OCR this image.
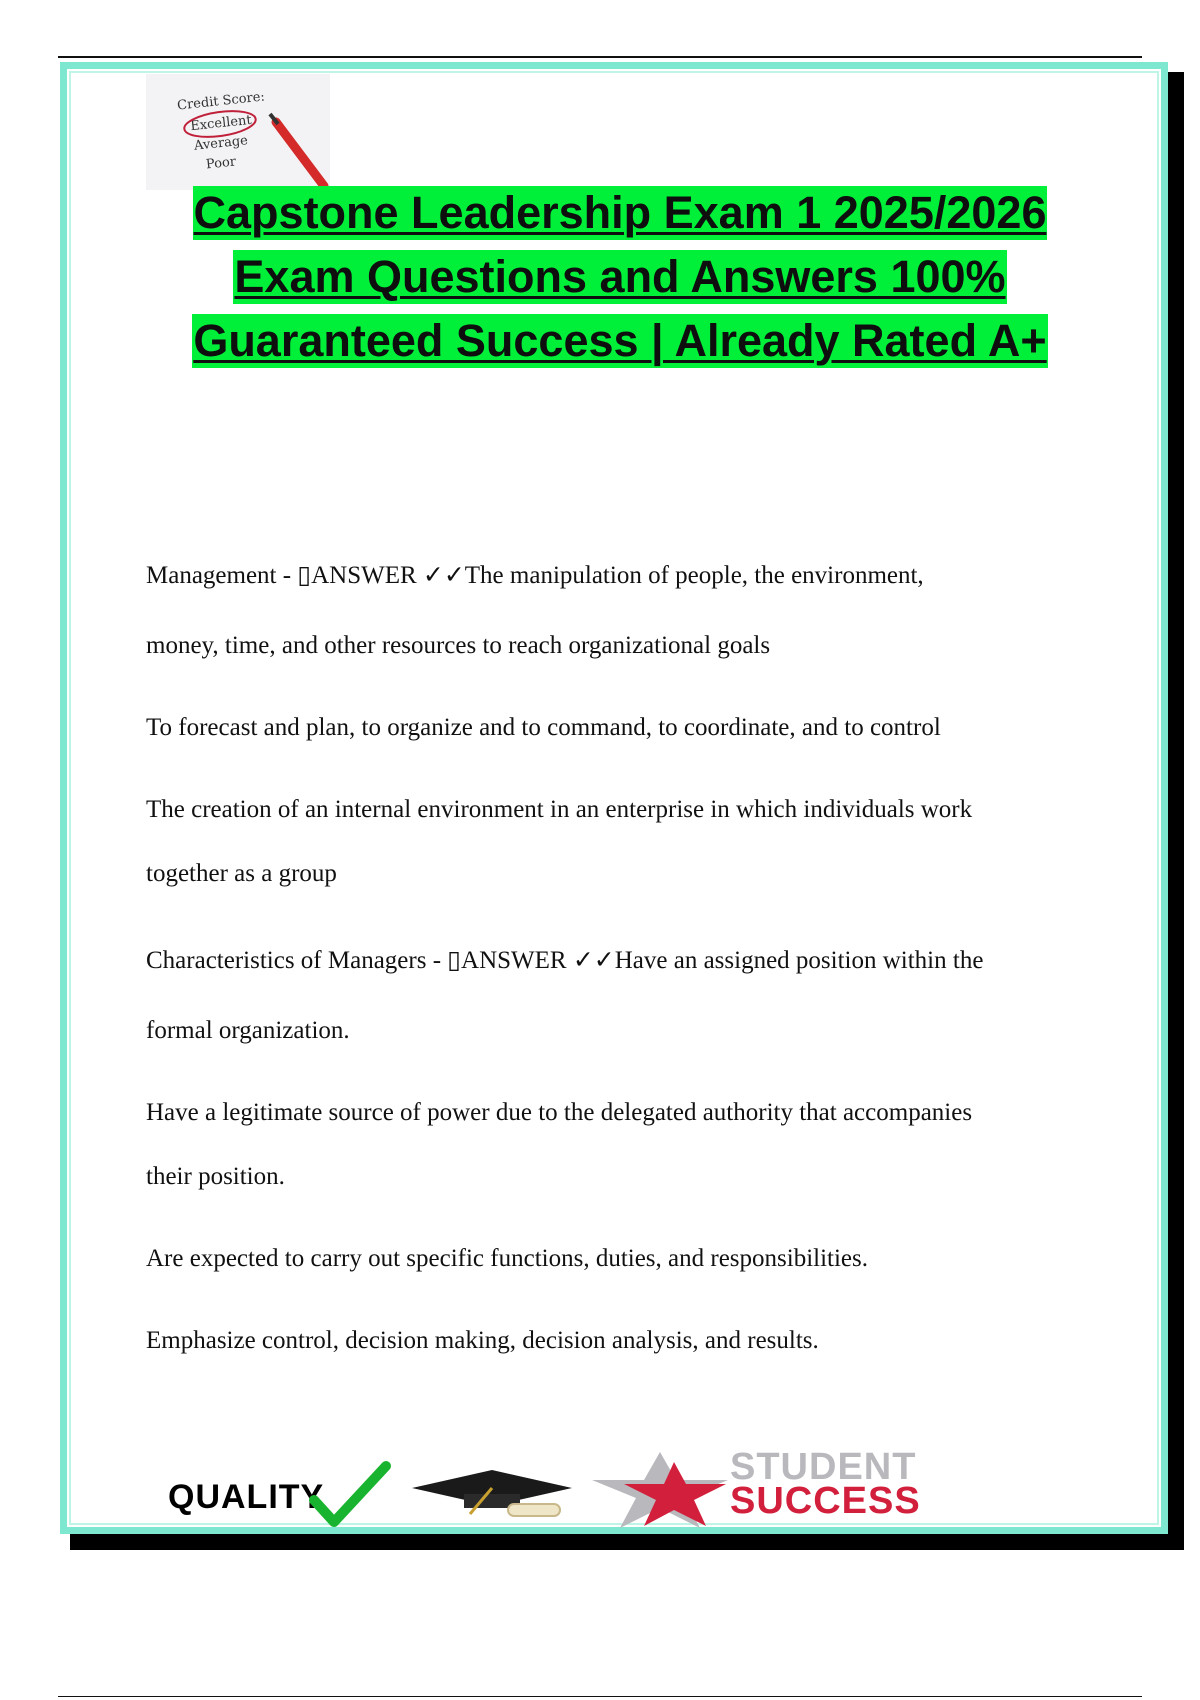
Credit Score:
Excellent
Average
Poor
Capstone Leadership Exam 1 2025/2026
Exam Questions and Answers 100%
Guaranteed Success | Already Rated A+

Management - ▯ANSWER ✓✓The manipulation of people, the environment,

money, time, and other resources to reach organizational goals

To forecast and plan, to organize and to command, to coordinate, and to control

The creation of an internal environment in an enterprise in which individuals work

together as a group

Characteristics of Managers - ▯ANSWER ✓✓Have an assigned position within the

formal organization.

Have a legitimate source of power due to the delegated authority that accompanies

their position.

Are expected to carry out specific functions, duties, and responsibilities.

Emphasize control, decision making, decision analysis, and results.

QUALITY
STUDENT
SUCCESS
